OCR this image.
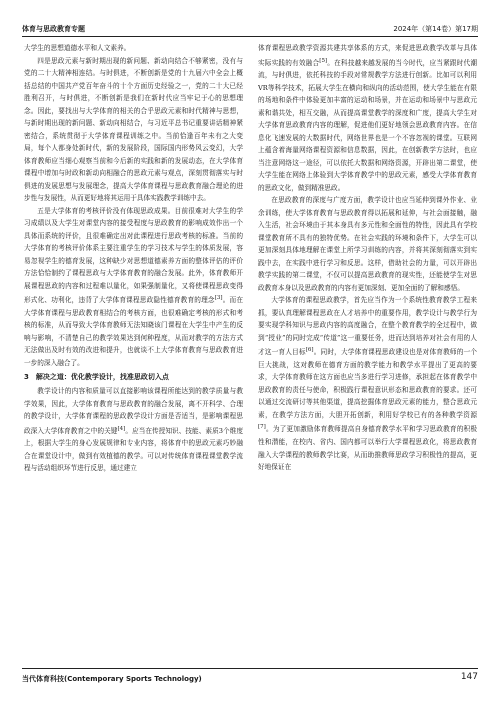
体育与思政教育专题	2024年（第14卷）第17期

大学生的思想道德水平和人文素养。

四是思政元素与新时期出现的新问题、新动向结合不够紧密，没有与党的二十大精神相连结。与时俱进，不断创新是党的十九届六中全会上概括总结的中国共产党百年奋斗的十个方面历史经验之一，党的二十大已经胜利召开，与时俱进，不断创新是我们在新时代应当牢记于心的思想理念。因此，要找出与大学体育的相关的合乎思政元素和时代精神与思想，与新时期出现的新问题、新动向相结合，与习近平总书记重要讲话精神紧密结合，系统贯彻于大学体育课程训练之中。当前恰逢百年未有之大变局，每个人都身处新时代，新的发展阶段，国际国内形势风云变幻，大学体育教师应当细心观察当前和今后新的实践和新的发展动态，在大学体育课程中增加与时政和新动向相融合的思政元素与观点，深刻贯彻落实与时俱进的发展思想与发展理念，提高大学体育课程与思政教育融合理论的进步性与发展性，从而更好地将其运用于具体实践教学训练中去。

五是大学体育的考核评价没有体现思政成果。目前很难对大学生的学习成绩以及大学生对课堂内容的接受程度与思政教育的影响成效作出一个具体而系统的评价，且很难确定出对此课程进行思政考核的标准。当前的大学体育的考核评价体系主要注重学生的学习技术与学生的体质发展，容易忽视学生的德育发展，这种缺少对思想道德素养方面的整体评估的评价方法恰恰制约了课程思政与大学体育教育的融合发展。此外，体育教师开展课程思政的内容和过程难以量化，如果强制量化，又将使课程思政变得形式化、功利化，违背了大学体育课程思政隐性德育教育的理念[3]。而在大学体育课程与思政教育相结合的考核方面，也很难确定考核的形式和考核的标准，从而导致大学体育教师无法知晓该门课程在大学生中产生的反响与影响，不清楚自己的教学效果达到何种程度，从而对教学的方法方式无法做出及时有效的改进和提升，也就谈不上大学体育教育与思政教育进一步的深入融合了。

3　解决之道：优化教学设计，找准思政切入点

教学设计的内容和质量可以直接影响该课程所能达到的教学质量与教学效果，因此，大学体育教育与思政教育的融合发展，离不开科学、合理的教学设计，大学体育课程的思政教学设计方面是否适当，是影响课程思政深入大学体育教育之中的关键[4]。应当在传授知识、技能、素质3个维度上，根据大学生的身心发展规律和专业内容，将体育中的思政元素巧妙融合在课堂设计中，做到有效植德的教学。可以对传统体育课程课堂教学流程与活动组织环节进行反思，通过建立

体育课程思政教学资源共建共享体系的方式，来促进思政教学改革与具体实际实践的有效融合[5]。在科技越来越发展的当今时代，应当紧跟时代潮流，与时俱进，依托科技的手段对常规教学方法进行创新。比如可以利用VR等科学技术，拓展大学生在横向和纵向的活动范围，使大学生能在有限的场地和条件中体验更加丰富的运动和场景，并在运动和场景中与思政元素和谐共处，相互交融，从而提高课堂教学的深度和广度，提高大学生对大学体育思政教育内容的理解，促进他们更好地领会思政教育内容。在信息化飞速发展的大数据时代，网络世界也是一个不容忽视的课堂。互联网上蕴含着海量网络课程资源和信息数据，因此，在创新教学方法时，也应当注意网络这一途径，可以依托大数据和网络资源，开辟出第二课堂，使大学生能在网络上体验到大学体育教学中的思政元素，感受大学体育教育的思政文化，做到精准思政。

在思政教育的深度与广度方面，教学设计也应当延伸到课外作业、业余训练，使大学体育教育与思政教育得以拓展和延伸，与社会面接触，融入生活，社会环境由于其本身具有多元性和全面性的特性，因此具有学校课堂教育所不具有的独特优势。在社会实践的环境和条件下，大学生可以更加深刻具体地理解在课堂上所学习训练的内容，并将其深刻彻落实到实践中去，在实践中进行学习和反思。这样，借助社会的力量，可以开辟出教学实践的第二课堂，不仅可以提高思政教育的现实性，还能使学生对思政教育本身以及思政教育的内容有更加深刻、更加全面的了解和感悟。

大学体育的课程思政教学，首先应当作为一个系统性教育教学工程来抓，要认真理解课程思政在人才培养中的重要作用，教学设计与教学行为要实现学科知识与思政内容的高度融合，在整个教育教学的全过程中，做到“授业”的同时完成“传道”这一重要任务，进而达到培养对社会有用的人才这一育人目标[6]。同时，大学体育课程思政建设也是对体育教师的一个巨大挑战，这对教师在德育方面的教学能力和教学水平提出了更高的要求，大学体育教师在这方面也应当多进行学习进修，承担起在体育教学中思政教育的责任与使命，积极践行课程意识形态和思政教育的要求。还可以通过交流研讨等其他渠道，提高挖掘体育思政元素的能力，整合思政元素，在教学方法方面，大胆开拓创新，利用好学校已有的各种教学资源[7]。为了更加激励体育教师提高自身德育教学水平和学习思政教育的积极性和潜能，在校内、省内、国内都可以举行大学课程思政化，将思政教育融入大学课程的教师教学比赛，从而助推教师思政学习积极性的提高，更好地保证在

当代体育科技(Contemporary Sports Technology)	147
